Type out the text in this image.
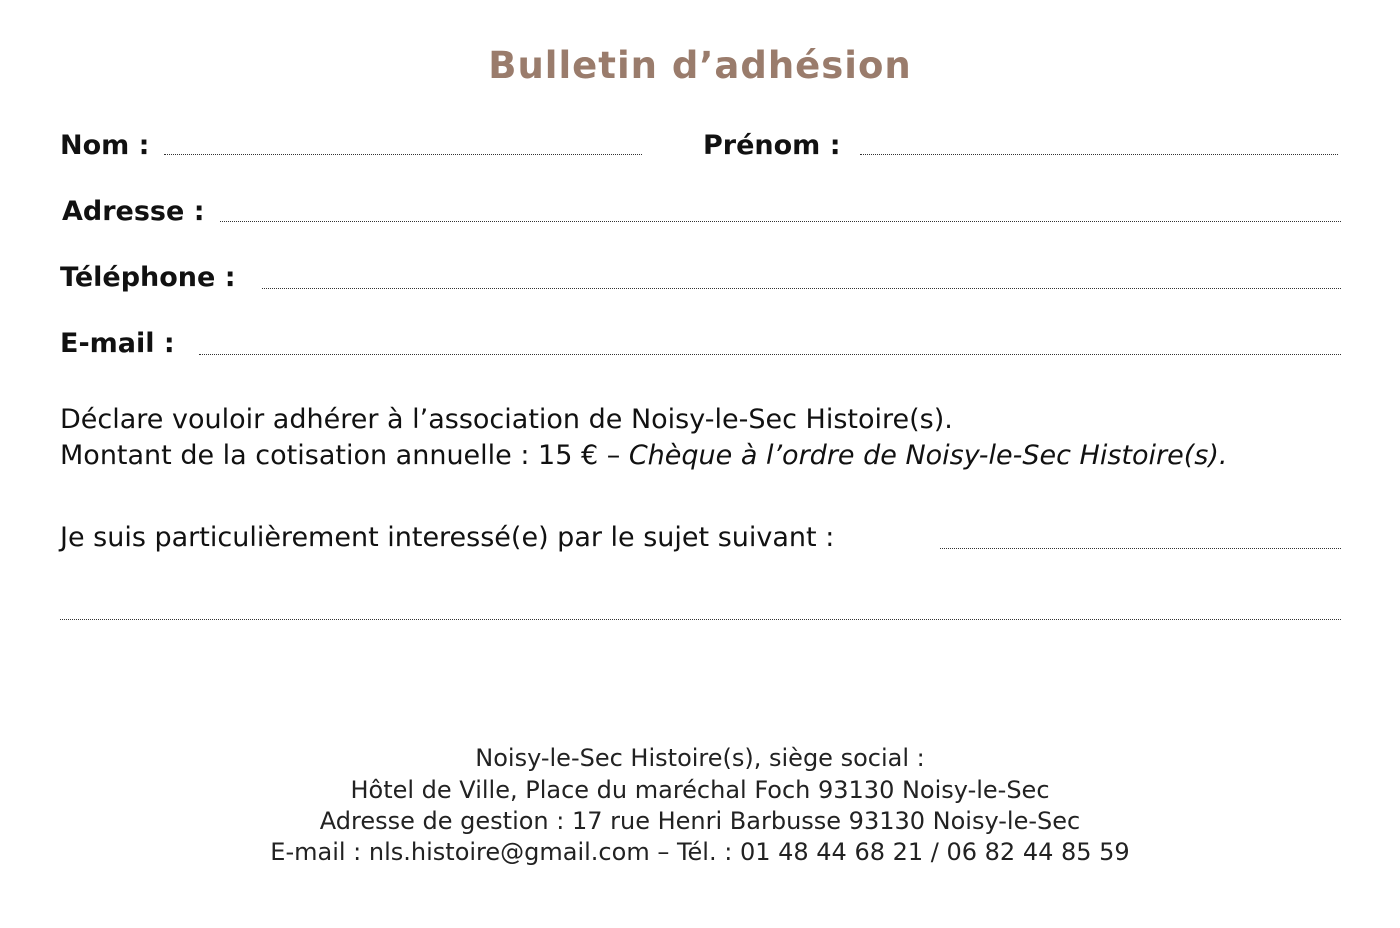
Bulletin d’adhésion
Nom :	Prénom :
Adresse :
Téléphone :
E-mail :
Déclare vouloir adhérer à l’association de Noisy-le-Sec Histoire(s).
Montant de la cotisation annuelle : 15 € – Chèque à l’ordre de Noisy-le-Sec Histoire(s).
Je suis particulièrement interessé(e) par le sujet suivant :
Noisy-le-Sec Histoire(s), siège social :
Hôtel de Ville, Place du maréchal Foch 93130 Noisy-le-Sec
Adresse de gestion : 17 rue Henri Barbusse 93130 Noisy-le-Sec
E-mail : nls.histoire@gmail.com – Tél. : 01 48 44 68 21 / 06 82 44 85 59
